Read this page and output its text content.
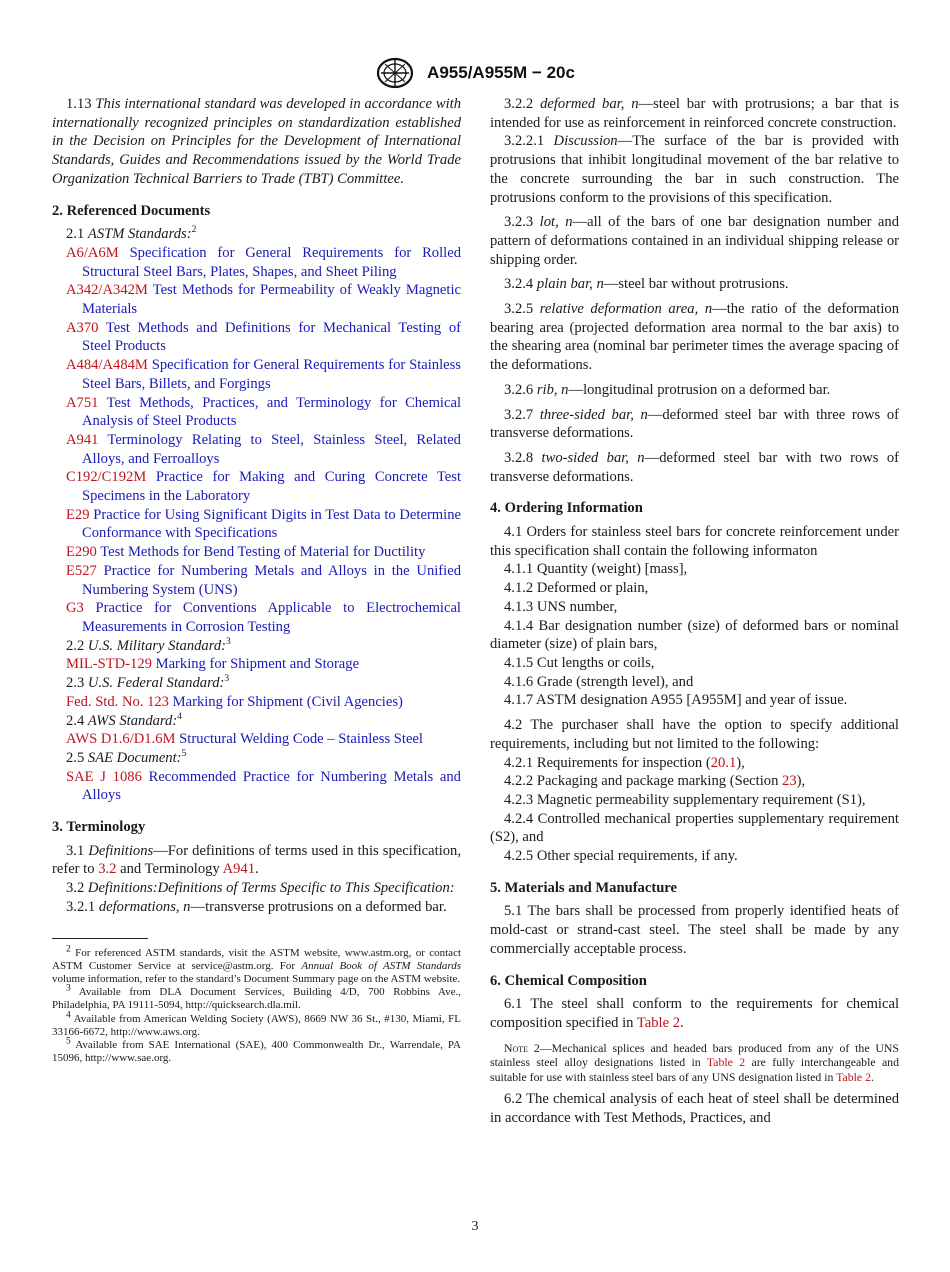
A955/A955M − 20c

1.13 This international standard was developed in accordance with internationally recognized principles on standardization established in the Decision on Principles for the Development of International Standards, Guides and Recommendations issued by the World Trade Organization Technical Barriers to Trade (TBT) Committee.

2. Referenced Documents

2.1 ASTM Standards:$^2$

A6/A6M Specification for General Requirements for Rolled Structural Steel Bars, Plates, Shapes, and Sheet Piling

A342/A342M Test Methods for Permeability of Weakly Magnetic Materials

A370 Test Methods and Definitions for Mechanical Testing of Steel Products

A484/A484M Specification for General Requirements for Stainless Steel Bars, Billets, and Forgings

A751 Test Methods, Practices, and Terminology for Chemical Analysis of Steel Products

A941 Terminology Relating to Steel, Stainless Steel, Related Alloys, and Ferroalloys

C192/C192M Practice for Making and Curing Concrete Test Specimens in the Laboratory

E29 Practice for Using Significant Digits in Test Data to Determine Conformance with Specifications

E290 Test Methods for Bend Testing of Material for Ductility

E527 Practice for Numbering Metals and Alloys in the Unified Numbering System (UNS)

G3 Practice for Conventions Applicable to Electrochemical Measurements in Corrosion Testing

2.2 U.S. Military Standard:$^3$

MIL-STD-129 Marking for Shipment and Storage

2.3 U.S. Federal Standard:$^3$

Fed. Std. No. 123 Marking for Shipment (Civil Agencies)

2.4 AWS Standard:$^4$

AWS D1.6/D1.6M Structural Welding Code – Stainless Steel

2.5 SAE Document:$^5$

SAE J 1086 Recommended Practice for Numbering Metals and Alloys

3. Terminology

3.1 Definitions—For definitions of terms used in this specification, refer to 3.2 and Terminology A941.

3.2 Definitions:Definitions of Terms Specific to This Specification:

3.2.1 deformations, n—transverse protrusions on a deformed bar.

$^2$ For referenced ASTM standards, visit the ASTM website, www.astm.org, or contact ASTM Customer Service at service@astm.org. For Annual Book of ASTM Standards volume information, refer to the standard’s Document Summary page on the ASTM website.

$^3$ Available from DLA Document Services, Building 4/D, 700 Robbins Ave., Philadelphia, PA 19111-5094, http://quicksearch.dla.mil.

$^4$ Available from American Welding Society (AWS), 8669 NW 36 St., #130, Miami, FL 33166-6672, http://www.aws.org.

$^5$ Available from SAE International (SAE), 400 Commonwealth Dr., Warrendale, PA 15096, http://www.sae.org.

3.2.2 deformed bar, n—steel bar with protrusions; a bar that is intended for use as reinforcement in reinforced concrete construction.

3.2.2.1 Discussion—The surface of the bar is provided with protrusions that inhibit longitudinal movement of the bar relative to the concrete surrounding the bar in such construction. The protrusions conform to the provisions of this specification.

3.2.3 lot, n—all of the bars of one bar designation number and pattern of deformations contained in an individual shipping release or shipping order.

3.2.4 plain bar, n—steel bar without protrusions.

3.2.5 relative deformation area, n—the ratio of the deformation bearing area (projected deformation area normal to the bar axis) to the shearing area (nominal bar perimeter times the average spacing of the deformations.

3.2.6 rib, n—longitudinal protrusion on a deformed bar.

3.2.7 three-sided bar, n—deformed steel bar with three rows of transverse deformations.

3.2.8 two-sided bar, n—deformed steel bar with two rows of transverse deformations.

4. Ordering Information

4.1 Orders for stainless steel bars for concrete reinforcement under this specification shall contain the following informaton

4.1.1 Quantity (weight) [mass],

4.1.2 Deformed or plain,

4.1.3 UNS number,

4.1.4 Bar designation number (size) of deformed bars or nominal diameter (size) of plain bars,

4.1.5 Cut lengths or coils,

4.1.6 Grade (strength level), and

4.1.7 ASTM designation A955 [A955M] and year of issue.

4.2 The purchaser shall have the option to specify additional requirements, including but not limited to the following:

4.2.1 Requirements for inspection (20.1),

4.2.2 Packaging and package marking (Section 23),

4.2.3 Magnetic permeability supplementary requirement (S1),

4.2.4 Controlled mechanical properties supplementary requirement (S2), and

4.2.5 Other special requirements, if any.

5. Materials and Manufacture

5.1 The bars shall be processed from properly identified heats of mold-cast or strand-cast steel. The steel shall be made by any commercially acceptable process.

6. Chemical Composition

6.1 The steel shall conform to the requirements for chemical composition specified in Table 2.

Note 2—Mechanical splices and headed bars produced from any of the UNS stainless steel alloy designations listed in Table 2 are fully interchangeable and suitable for use with stainless steel bars of any UNS designation listed in Table 2.

6.2 The chemical analysis of each heat of steel shall be determined in accordance with Test Methods, Practices, and

3
